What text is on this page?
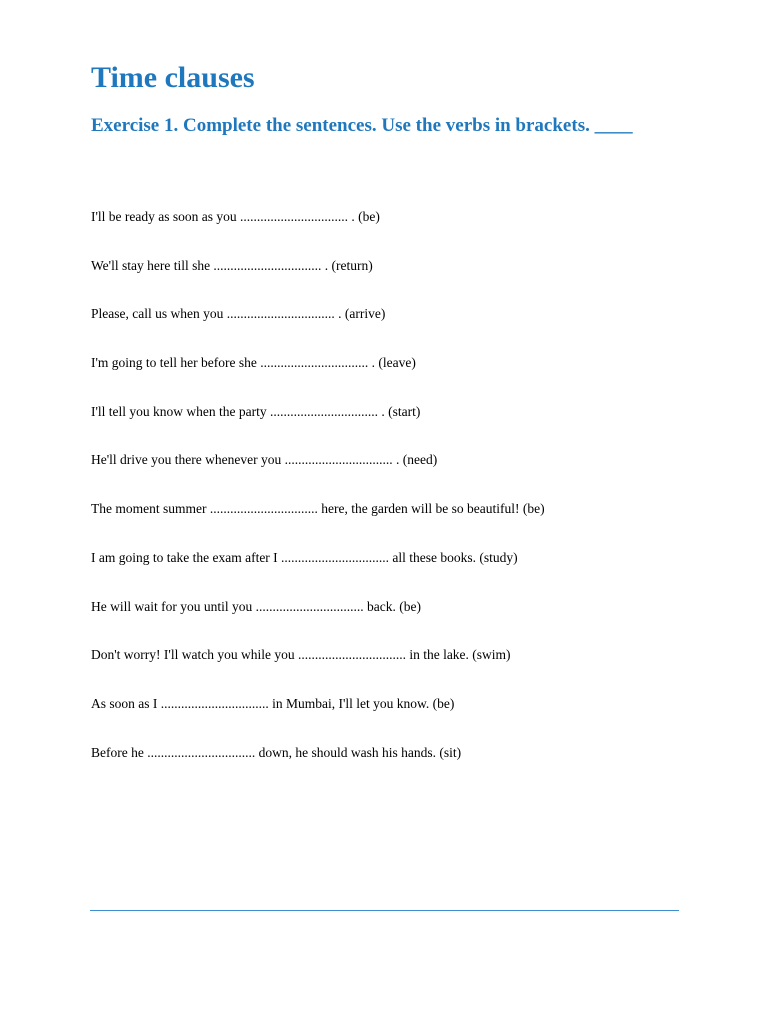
Time clauses
Exercise 1. Complete the sentences. Use the verbs in brackets. ____
I'll be ready as soon as you ................................ . (be)
We'll stay here till she ................................ . (return)
Please, call us when you ................................ . (arrive)
I'm going to tell her before she ................................ . (leave)
I'll tell you know when the party ................................ . (start)
He'll drive you there whenever you ................................ . (need)
The moment summer ................................ here, the garden will be so beautiful! (be)
I am going to take the exam after I ................................ all these books. (study)
He will wait for you until you ................................ back. (be)
Don't worry! I'll watch you while you ................................ in the lake. (swim)
As soon as I ................................ in Mumbai, I'll let you know. (be)
Before he ................................ down, he should wash his hands. (sit)
